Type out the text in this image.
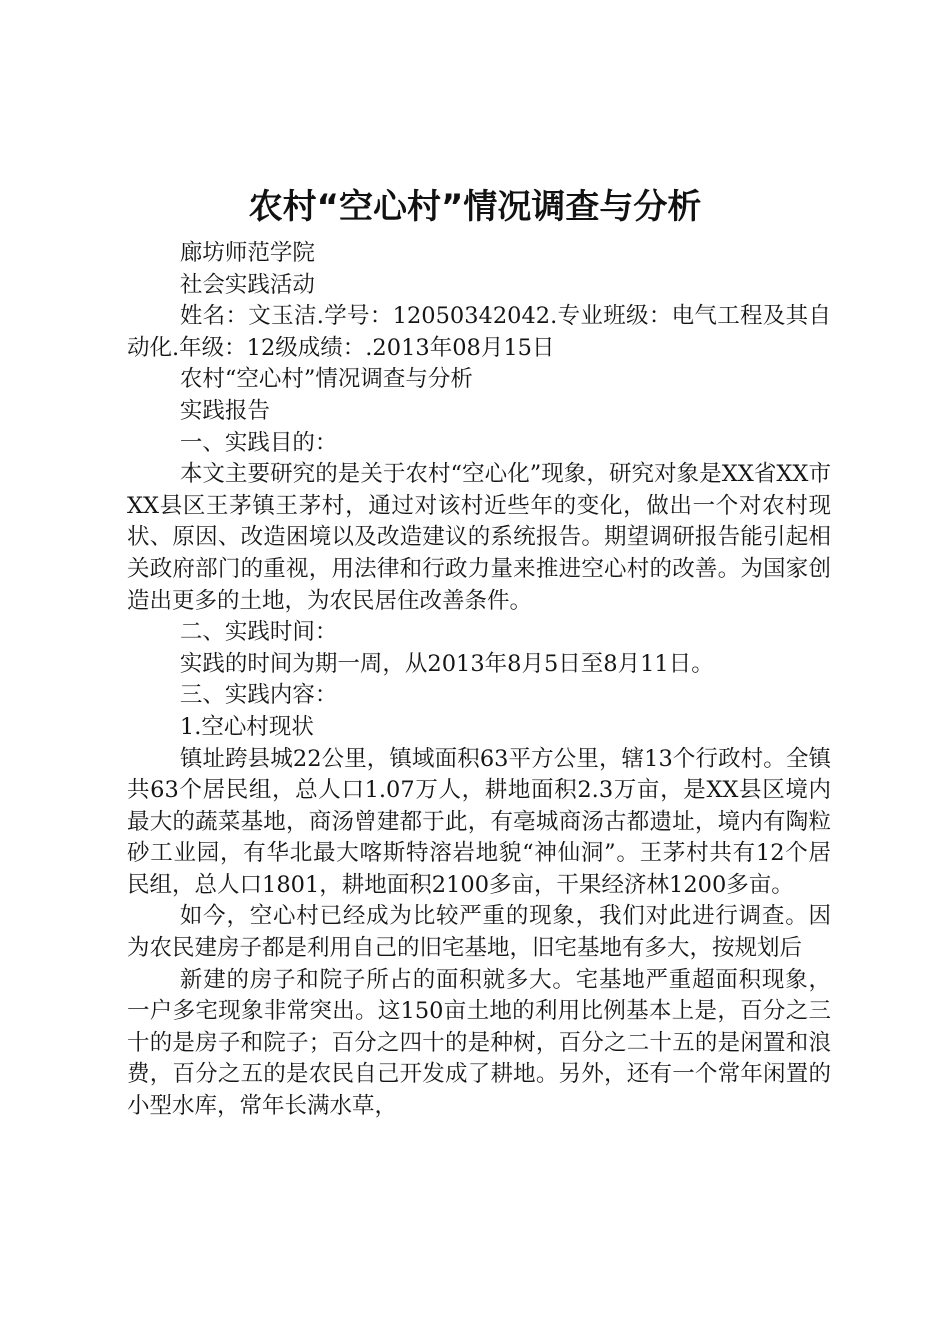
农村“空心村”情况调查与分析

廊坊师范学院

社会实践活动

姓名：文玉洁.学号：12050342042.专业班级：电气工程及其自动化.年级：12级成绩：.2013年08月15日

农村“空心村”情况调查与分析

实践报告

一、实践目的：

本文主要研究的是关于农村“空心化”现象，研究对象是XX省XX市XX县区王茅镇王茅村，通过对该村近些年的变化，做出一个对农村现状、原因、改造困境以及改造建议的系统报告。期望调研报告能引起相关政府部门的重视，用法律和行政力量来推进空心村的改善。为国家创造出更多的土地，为农民居住改善条件。

二、实践时间：

实践的时间为期一周，从2013年8月5日至8月11日。

三、实践内容：

1.空心村现状

镇址跨县城22公里，镇域面积63平方公里，辖13个行政村。全镇共63个居民组，总人口1.07万人，耕地面积2.3万亩，是XX县区境内最大的蔬菜基地，商汤曾建都于此，有亳城商汤古都遗址，境内有陶粒砂工业园，有华北最大喀斯特溶岩地貌“神仙洞”。王茅村共有12个居民组，总人口1801，耕地面积2100多亩，干果经济林1200多亩。

如今，空心村已经成为比较严重的现象，我们对此进行调查。因为农民建房子都是利用自己的旧宅基地，旧宅基地有多大，按规划后

新建的房子和院子所占的面积就多大。宅基地严重超面积现象，一户多宅现象非常突出。这150亩土地的利用比例基本上是，百分之三十的是房子和院子；百分之四十的是种树，百分之二十五的是闲置和浪费，百分之五的是农民自己开发成了耕地。另外，还有一个常年闲置的小型水库，常年长满水草，
